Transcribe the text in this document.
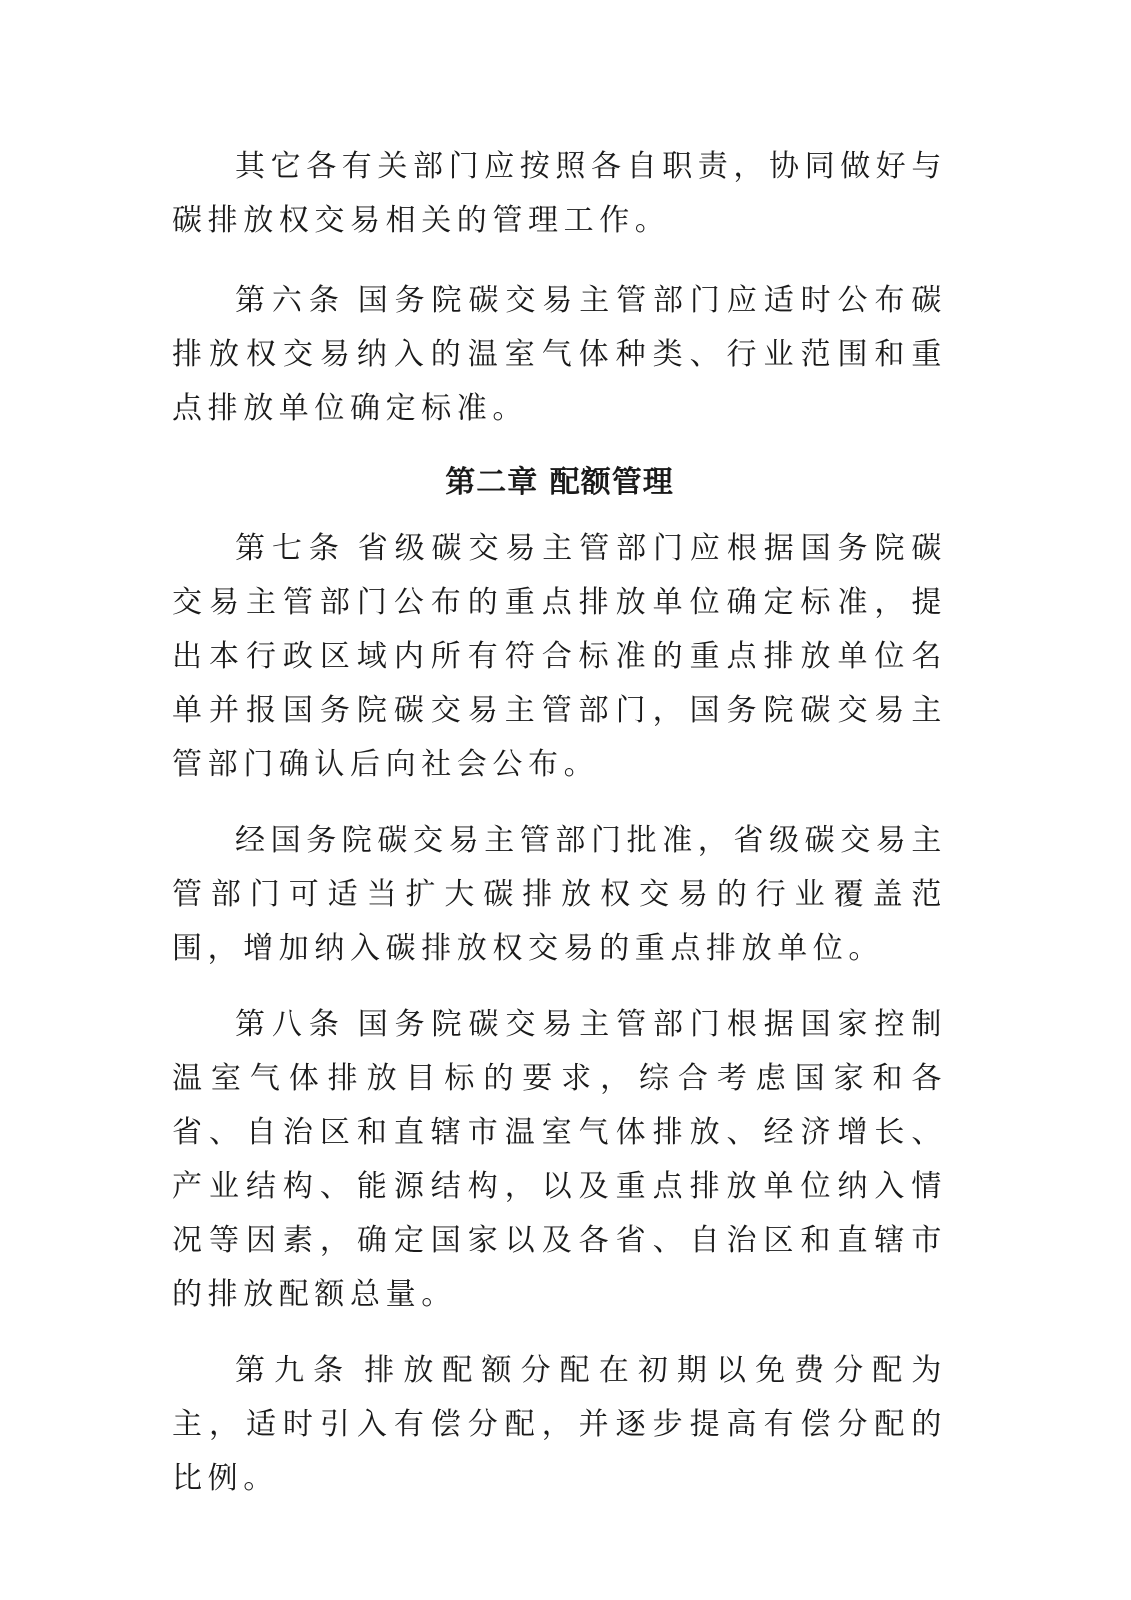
其它各有关部门应按照各自职责，协同做好与碳排放权交易相关的管理工作。

第六条 国务院碳交易主管部门应适时公布碳排放权交易纳入的温室气体种类、行业范围和重点排放单位确定标准。

第二章 配额管理

第七条 省级碳交易主管部门应根据国务院碳交易主管部门公布的重点排放单位确定标准，提出本行政区域内所有符合标准的重点排放单位名单并报国务院碳交易主管部门，国务院碳交易主管部门确认后向社会公布。

经国务院碳交易主管部门批准，省级碳交易主管部门可适当扩大碳排放权交易的行业覆盖范围，增加纳入碳排放权交易的重点排放单位。

第八条 国务院碳交易主管部门根据国家控制温室气体排放目标的要求，综合考虑国家和各省、自治区和直辖市温室气体排放、经济增长、产业结构、能源结构，以及重点排放单位纳入情况等因素，确定国家以及各省、自治区和直辖市的排放配额总量。

第九条 排放配额分配在初期以免费分配为主，适时引入有偿分配，并逐步提高有偿分配的比例。
